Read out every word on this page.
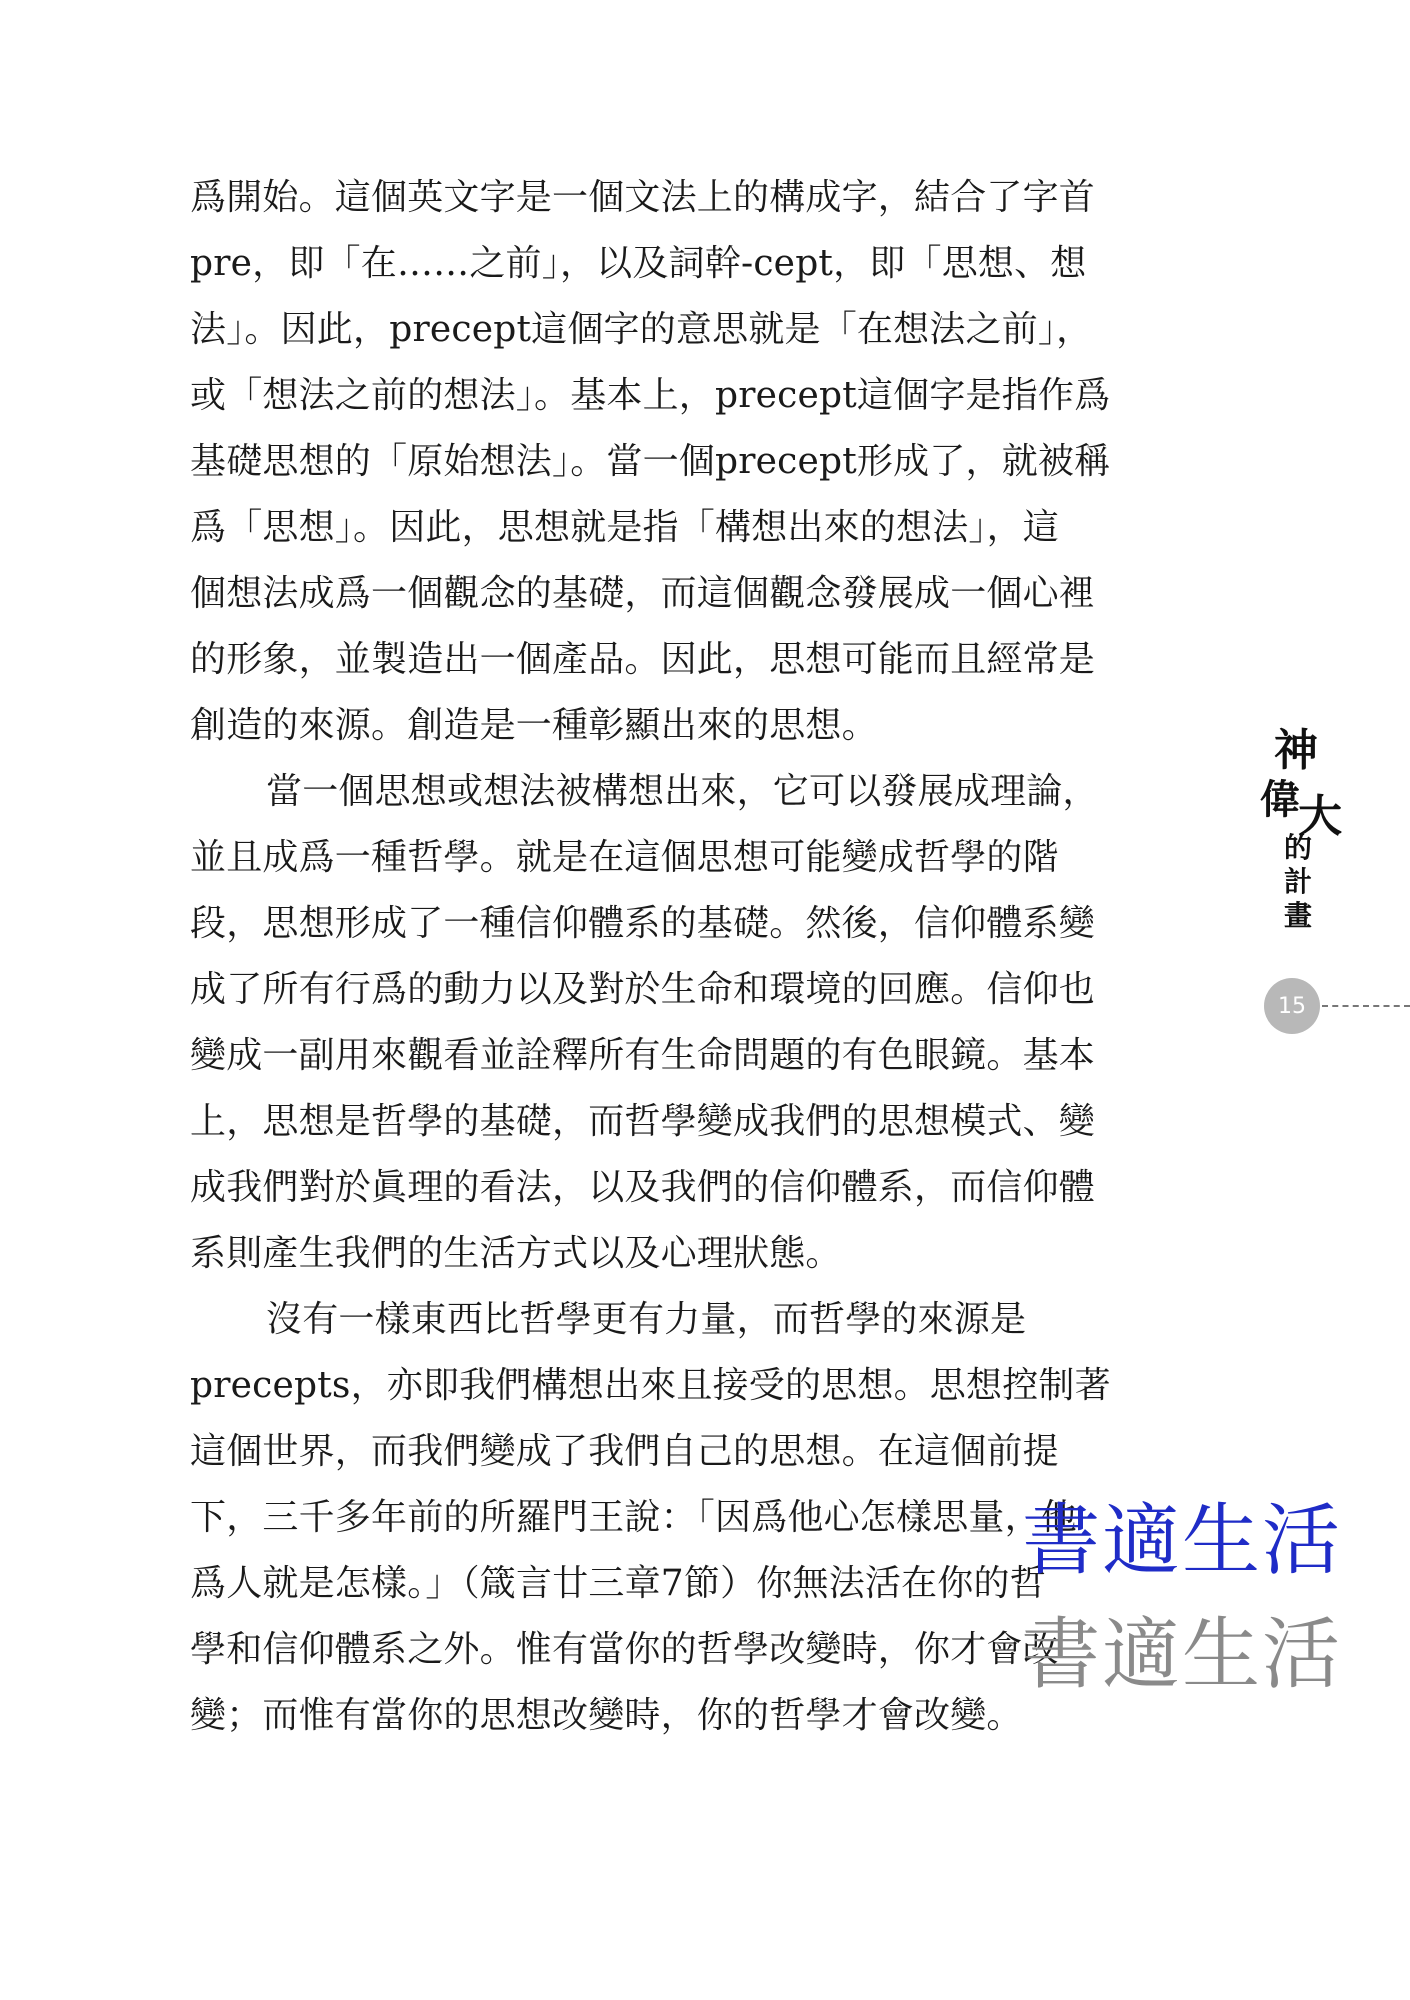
爲開始。這個英文字是一個文法上的構成字，結合了字首
pre，即「在……之前」，以及詞幹-cept，即「思想、想
法」。因此，precept這個字的意思就是「在想法之前」，
或「想法之前的想法」。基本上，precept這個字是指作爲
基礎思想的「原始想法」。當一個precept形成了，就被稱
爲「思想」。因此，思想就是指「構想出來的想法」，這
個想法成爲一個觀念的基礎，而這個觀念發展成一個心裡
的形象，並製造出一個產品。因此，思想可能而且經常是
創造的來源。創造是一種彰顯出來的思想。
當一個思想或想法被構想出來，它可以發展成理論，
並且成爲一種哲學。就是在這個思想可能變成哲學的階
段，思想形成了一種信仰體系的基礎。然後，信仰體系變
成了所有行爲的動力以及對於生命和環境的回應。信仰也
變成一副用來觀看並詮釋所有生命問題的有色眼鏡。基本
上，思想是哲學的基礎，而哲學變成我們的思想模式、變
成我們對於眞理的看法，以及我們的信仰體系，而信仰體
系則產生我們的生活方式以及心理狀態。
沒有一樣東西比哲學更有力量，而哲學的來源是
precepts，亦即我們構想出來且接受的思想。思想控制著
這個世界，而我們變成了我們自己的思想。在這個前提
下，三千多年前的所羅門王說：「因爲他心怎樣思量，他
爲人就是怎樣。」（箴言廿三章7節）你無法活在你的哲
學和信仰體系之外。惟有當你的哲學改變時，你才會改
變；而惟有當你的思想改變時，你的哲學才會改變。
神
偉
大
的
計
畫
15
書適生活
書適生活
